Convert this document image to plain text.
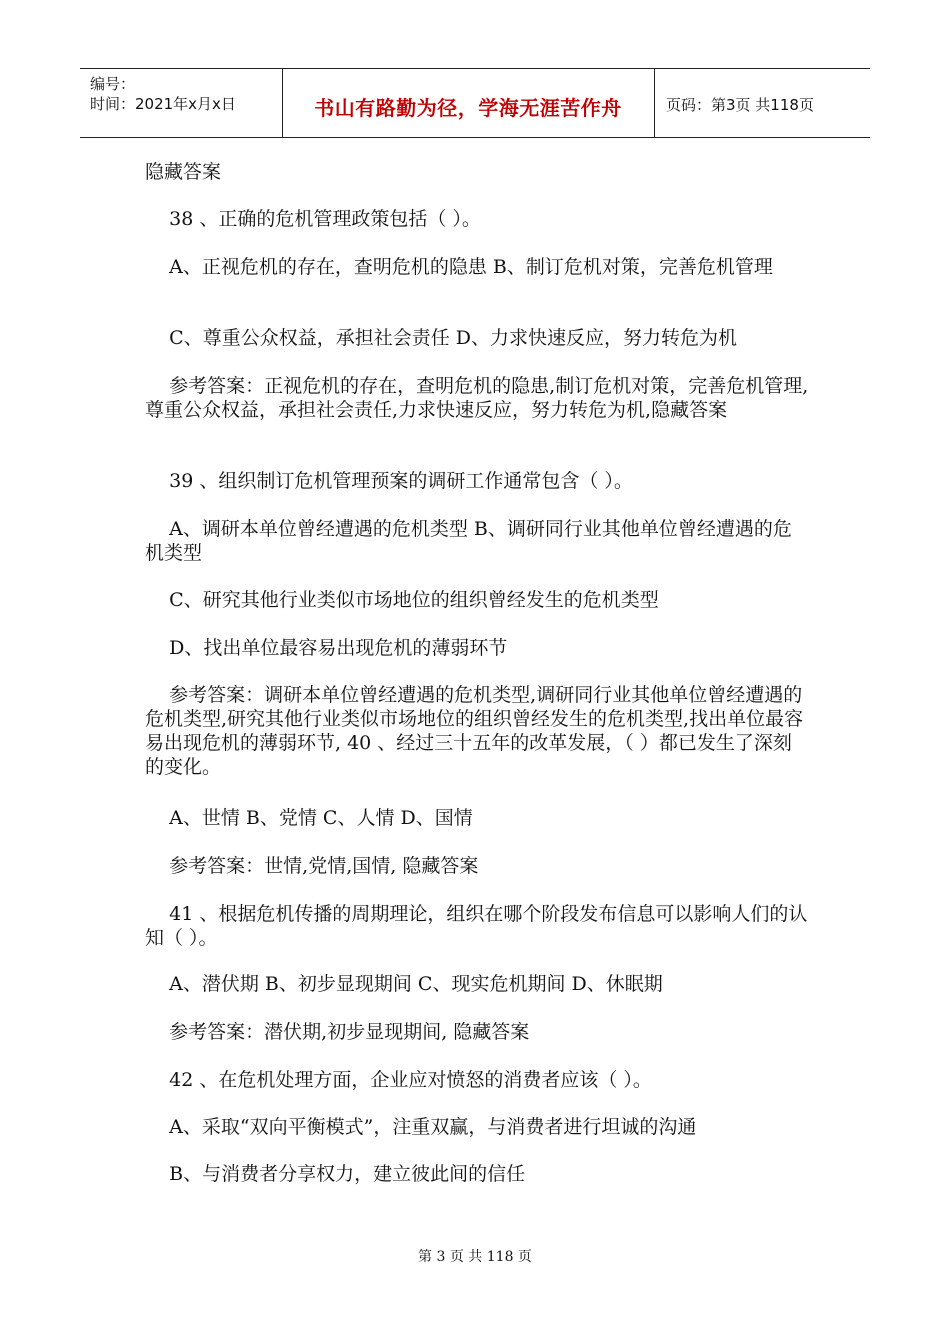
编号：
时间：2021年x月x日	书山有路勤为径，学海无涯苦作舟	页码：第3页 共118页
隐藏答案
38 、正确的危机管理政策包括（ ）。
A、正视危机的存在，查明危机的隐患 B、制订危机对策，完善危机管理
C、尊重公众权益，承担社会责任 D、力求快速反应，努力转危为机
参考答案：正视危机的存在，查明危机的隐患,制订危机对策，完善危机管理,尊重公众权益，承担社会责任,力求快速反应，努力转危为机,隐藏答案
39 、组织制订危机管理预案的调研工作通常包含（ ）。
A、调研本单位曾经遭遇的危机类型 B、调研同行业其他单位曾经遭遇的危机类型
C、研究其他行业类似市场地位的组织曾经发生的危机类型
D、找出单位最容易出现危机的薄弱环节
参考答案：调研本单位曾经遭遇的危机类型,调研同行业其他单位曾经遭遇的危机类型,研究其他行业类似市场地位的组织曾经发生的危机类型,找出单位最容易出现危机的薄弱环节, 40 、经过三十五年的改革发展，（ ）都已发生了深刻的变化。
A、世情 B、党情 C、人情 D、国情
参考答案：世情,党情,国情, 隐藏答案
41 、根据危机传播的周期理论，组织在哪个阶段发布信息可以影响人们的认知（ ）。
A、潜伏期 B、初步显现期间 C、现实危机期间 D、休眠期
参考答案：潜伏期,初步显现期间, 隐藏答案
42 、在危机处理方面，企业应对愤怒的消费者应该（ ）。
A、采取“双向平衡模式”，注重双赢，与消费者进行坦诚的沟通
B、与消费者分享权力，建立彼此间的信任
第 3 页 共 118 页
